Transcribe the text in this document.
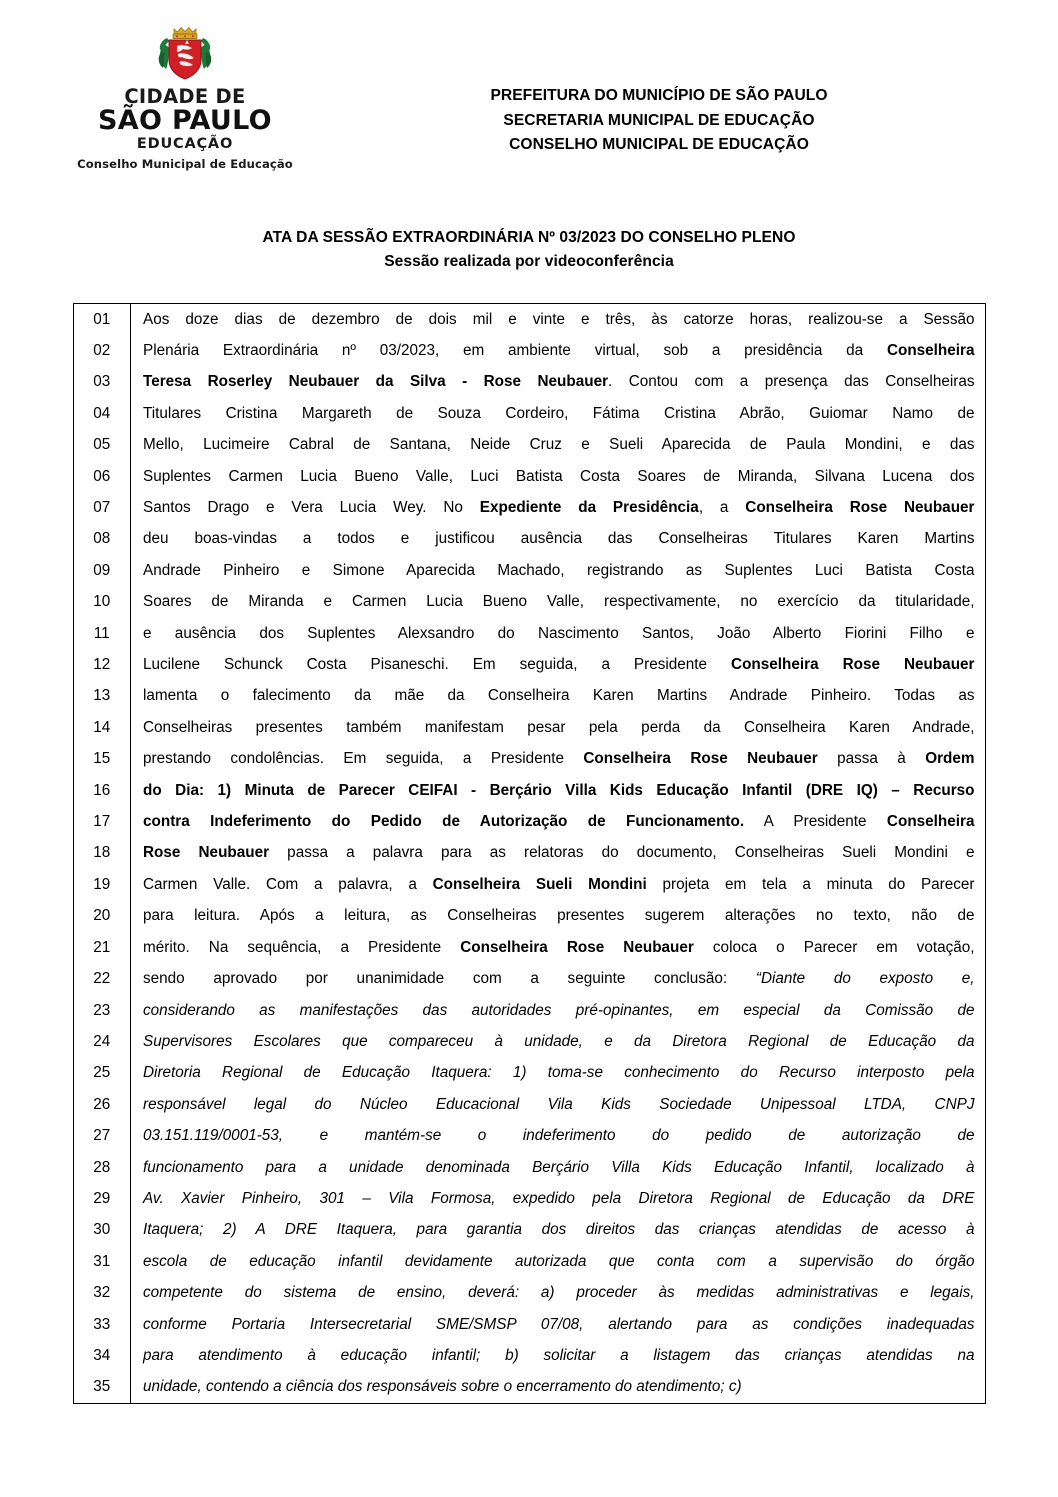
CIDADE DE
SÃO PAULO
EDUCAÇÃO
Conselho Municipal de Educação
PREFEITURA DO MUNICÍPIO DE SÃO PAULO
SECRETARIA MUNICIPAL DE EDUCAÇÃO
CONSELHO MUNICIPAL DE EDUCAÇÃO
ATA DA SESSÃO EXTRAORDINÁRIA Nº 03/2023 DO CONSELHO PLENO
Sessão realizada por videoconferência
01	Aos doze dias de dezembro de dois mil e vinte e três, às catorze horas, realizou-se a Sessão

02	Plenária Extraordinária nº 03/2023, em ambiente virtual, sob a presidência da Conselheira

03	Teresa Roserley Neubauer da Silva - Rose Neubauer. Contou com a presença das Conselheiras

04	Titulares Cristina Margareth de Souza Cordeiro, Fátima Cristina Abrão, Guiomar Namo de

05	Mello, Lucimeire Cabral de Santana, Neide Cruz e Sueli Aparecida de Paula Mondini, e das

06	Suplentes Carmen Lucia Bueno Valle, Luci Batista Costa Soares de Miranda, Silvana Lucena dos

07	Santos Drago e Vera Lucia Wey. No Expediente da Presidência, a Conselheira Rose Neubauer

08	deu boas-vindas a todos e justificou ausência das Conselheiras Titulares Karen Martins

09	Andrade Pinheiro e Simone Aparecida Machado, registrando as Suplentes Luci Batista Costa

10	Soares de Miranda e Carmen Lucia Bueno Valle, respectivamente, no exercício da titularidade,

11	e ausência dos Suplentes Alexsandro do Nascimento Santos, João Alberto Fiorini Filho e

12	Lucilene Schunck Costa Pisaneschi. Em seguida, a Presidente Conselheira Rose Neubauer

13	lamenta o falecimento da mãe da Conselheira Karen Martins Andrade Pinheiro. Todas as

14	Conselheiras presentes também manifestam pesar pela perda da Conselheira Karen Andrade,

15	prestando condolências. Em seguida, a Presidente Conselheira Rose Neubauer passa à Ordem

16	do Dia: 1) Minuta de Parecer CEIFAI - Berçário Villa Kids Educação Infantil (DRE IQ) – Recurso

17	contra Indeferimento do Pedido de Autorização de Funcionamento. A Presidente Conselheira

18	Rose Neubauer passa a palavra para as relatoras do documento, Conselheiras Sueli Mondini e

19	Carmen Valle. Com a palavra, a Conselheira Sueli Mondini projeta em tela a minuta do Parecer

20	para leitura. Após a leitura, as Conselheiras presentes sugerem alterações no texto, não de

21	mérito. Na sequência, a Presidente Conselheira Rose Neubauer coloca o Parecer em votação,

22	sendo aprovado por unanimidade com a seguinte conclusão: “Diante do exposto e,

23	considerando as manifestações das autoridades pré-opinantes, em especial da Comissão de

24	Supervisores Escolares que compareceu à unidade, e da Diretora Regional de Educação da

25	Diretoria Regional de Educação Itaquera: 1) toma-se conhecimento do Recurso interposto pela

26	responsável legal do Núcleo Educacional Vila Kids Sociedade Unipessoal LTDA, CNPJ

27	03.151.119/0001-53, e mantém-se o indeferimento do pedido de autorização de

28	funcionamento para a unidade denominada Berçário Villa Kids Educação Infantil, localizado à

29	Av. Xavier Pinheiro, 301 – Vila Formosa, expedido pela Diretora Regional de Educação da DRE

30	Itaquera; 2) A DRE Itaquera, para garantia dos direitos das crianças atendidas de acesso à

31	escola de educação infantil devidamente autorizada que conta com a supervisão do órgão

32	competente do sistema de ensino, deverá: a) proceder às medidas administrativas e legais,

33	conforme Portaria Intersecretarial SME/SMSP 07/08, alertando para as condições inadequadas

34	para atendimento à educação infantil; b) solicitar a listagem das crianças atendidas na

35	unidade, contendo a ciência dos responsáveis sobre o encerramento do atendimento; c)
